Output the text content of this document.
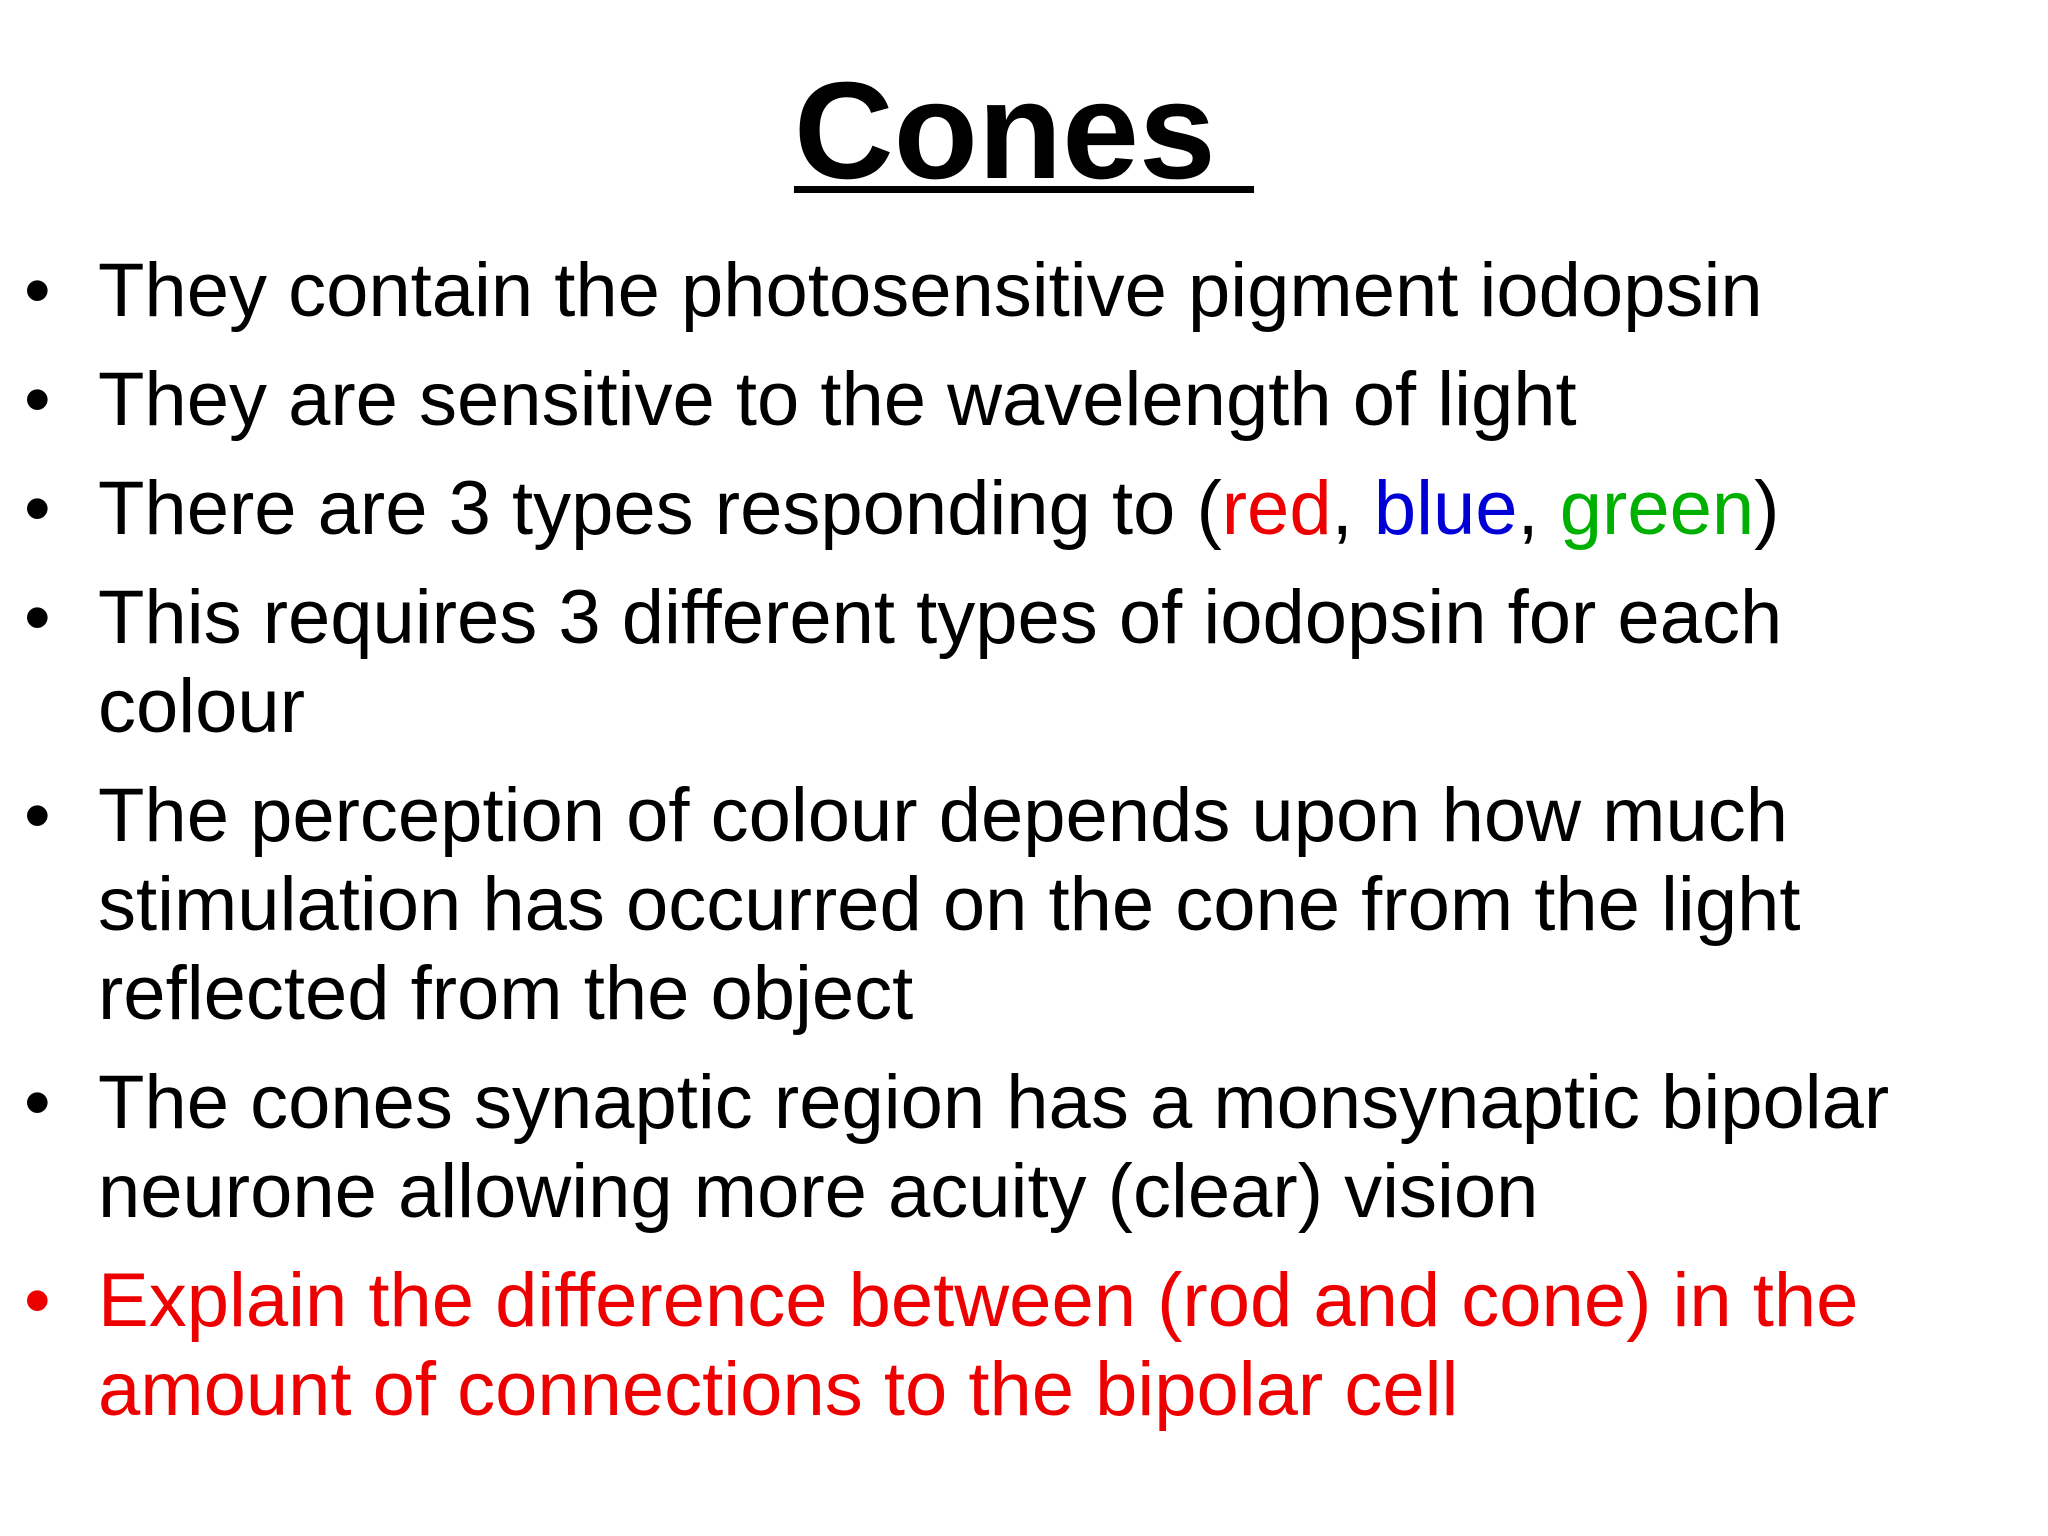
Cones
• They contain the photosensitive pigment iodopsin
• They are sensitive to the wavelength of light
• There are 3 types responding to (red, blue, green)
• This requires 3 different types of iodopsin for each
colour
• The perception of colour depends upon how much
stimulation has occurred on the cone from the light
reflected from the object
• The cones synaptic region has a monsynaptic bipolar
neurone allowing more acuity (clear) vision
• Explain the difference between (rod and cone) in the
amount of connections to the bipolar cell
